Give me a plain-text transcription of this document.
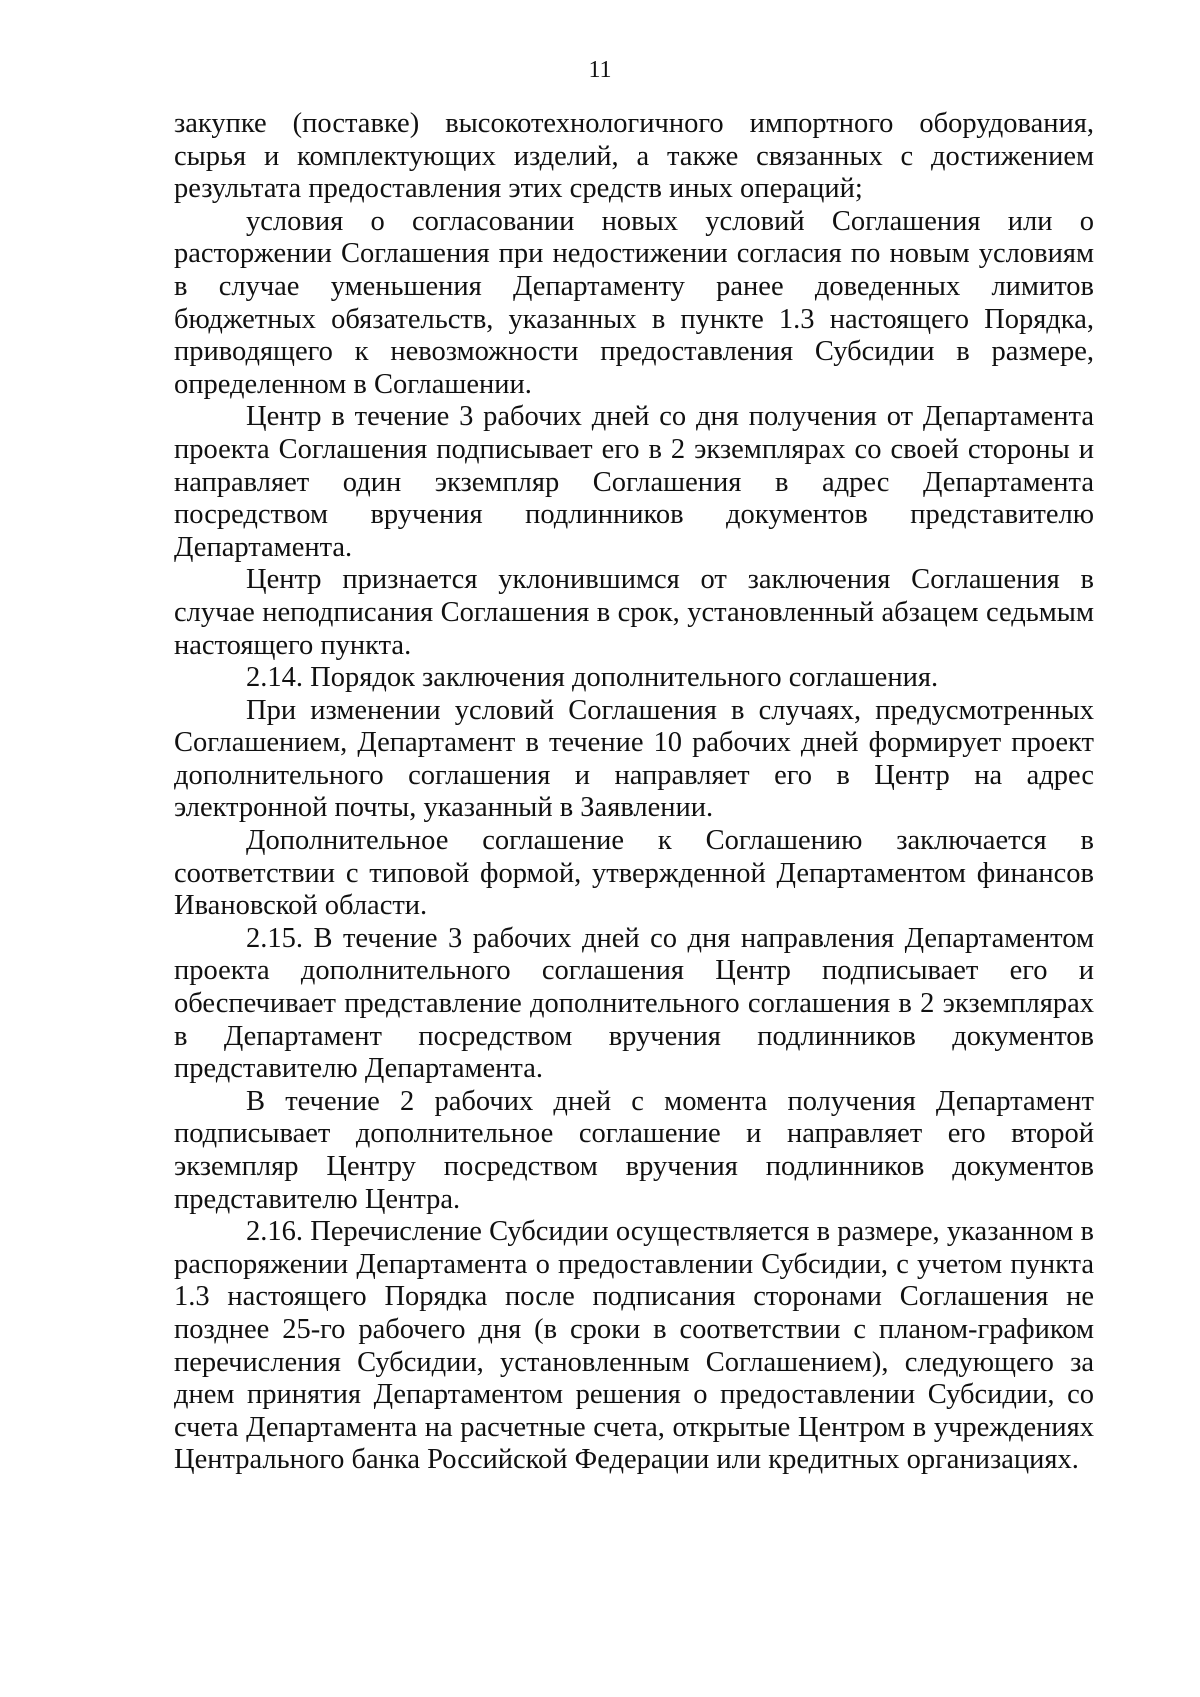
11

закупке (поставке) высокотехнологичного импортного оборудования, сырья и комплектующих изделий, а также связанных с достижением результата предоставления этих средств иных операций;

условия о согласовании новых условий Соглашения или о расторжении Соглашения при недостижении согласия по новым условиям в случае уменьшения Департаменту ранее доведенных лимитов бюджетных обязательств, указанных в пункте 1.3 настоящего Порядка, приводящего к невозможности предоставления Субсидии в размере, определенном в Соглашении.

Центр в течение 3 рабочих дней со дня получения от Департамента проекта Соглашения подписывает его в 2 экземплярах со своей стороны и направляет один экземпляр Соглашения в адрес Департамента посредством вручения подлинников документов представителю Департамента.

Центр признается уклонившимся от заключения Соглашения в случае неподписания Соглашения в срок, установленный абзацем седьмым настоящего пункта.

2.14. Порядок заключения дополнительного соглашения.

При изменении условий Соглашения в случаях, предусмотренных Соглашением, Департамент в течение 10 рабочих дней формирует проект дополнительного соглашения и направляет его в Центр на адрес электронной почты, указанный в Заявлении.

Дополнительное соглашение к Соглашению заключается в соответствии с типовой формой, утвержденной Департаментом финансов Ивановской области.

2.15. В течение 3 рабочих дней со дня направления Департаментом проекта дополнительного соглашения Центр подписывает его и обеспечивает представление дополнительного соглашения в 2 экземплярах в Департамент посредством вручения подлинников документов представителю Департамента.

В течение 2 рабочих дней с момента получения Департамент подписывает дополнительное соглашение и направляет его второй экземпляр Центру посредством вручения подлинников документов представителю Центра.

2.16. Перечисление Субсидии осуществляется в размере, указанном в распоряжении Департамента о предоставлении Субсидии, с учетом пункта 1.3 настоящего Порядка после подписания сторонами Соглашения не позднее 25-го рабочего дня (в сроки в соответствии с планом-графиком перечисления Субсидии, установленным Соглашением), следующего за днем принятия Департаментом решения о предоставлении Субсидии, со счета Департамента на расчетные счета, открытые Центром в учреждениях Центрального банка Российской Федерации или кредитных организациях.
